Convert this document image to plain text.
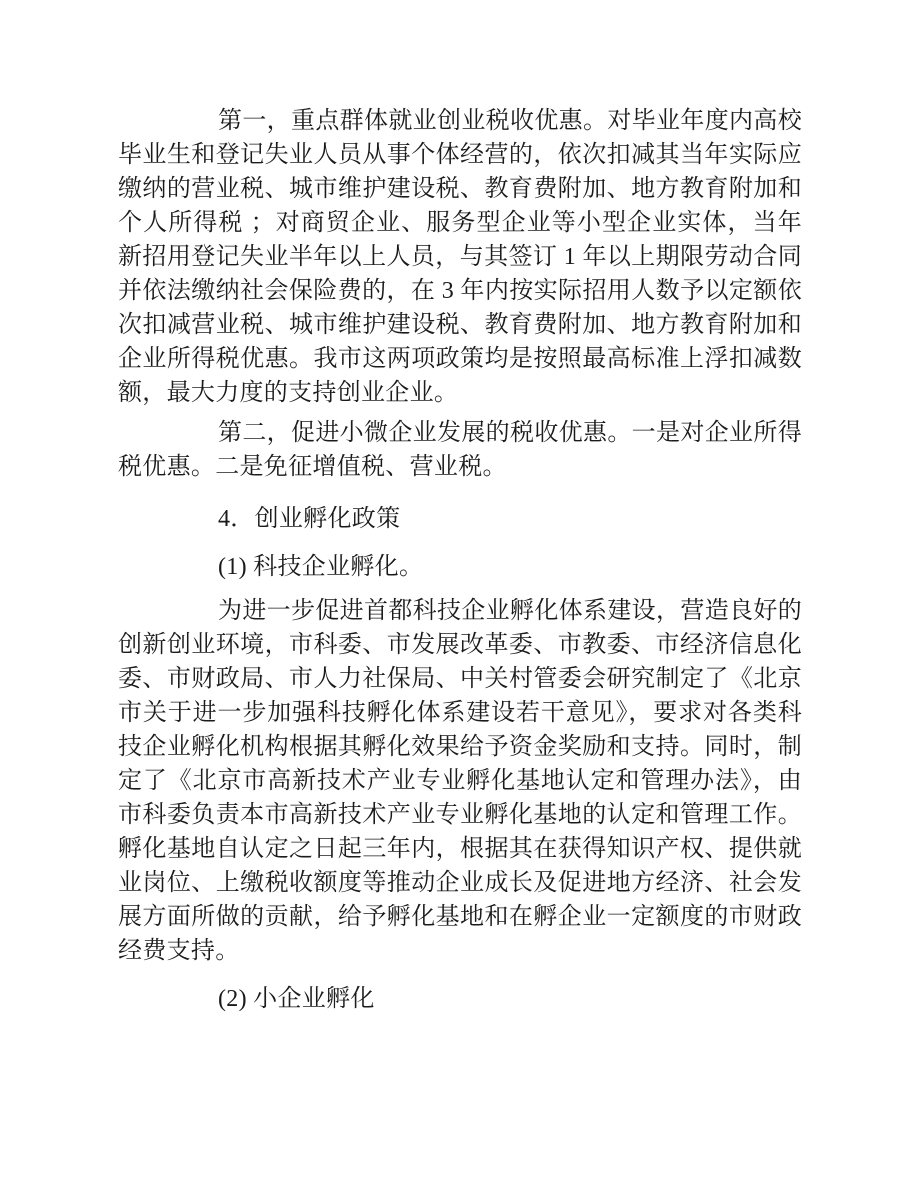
第一，重点群体就业创业税收优惠。对毕业年度内高校毕业生和登记失业人员从事个体经营的，依次扣减其当年实际应缴纳的营业税、城市维护建设税、教育费附加、地方教育附加和个人所得税 ；对商贸企业、服务型企业等小型企业实体，当年新招用登记失业半年以上人员，与其签订 1 年以上期限劳动合同并依法缴纳社会保险费的，在 3 年内按实际招用人数予以定额依次扣减营业税、城市维护建设税、教育费附加、地方教育附加和企业所得税优惠。我市这两项政策均是按照最高标准上浮扣减数额，最大力度的支持创业企业。

第二，促进小微企业发展的税收优惠。一是对企业所得税优惠。二是免征增值税、营业税。

4．创业孵化政策

(1) 科技企业孵化。

为进一步促进首都科技企业孵化体系建设，营造良好的创新创业环境，市科委、市发展改革委、市教委、市经济信息化委、市财政局、市人力社保局、中关村管委会研究制定了《北京市关于进一步加强科技孵化体系建设若干意见》，要求对各类科技企业孵化机构根据其孵化效果给予资金奖励和支持。同时，制定了《北京市高新技术产业专业孵化基地认定和管理办法》，由市科委负责本市高新技术产业专业孵化基地的认定和管理工作。孵化基地自认定之日起三年内，根据其在获得知识产权、提供就业岗位、上缴税收额度等推动企业成长及促进地方经济、社会发展方面所做的贡献，给予孵化基地和在孵企业一定额度的市财政经费支持。

(2) 小企业孵化
